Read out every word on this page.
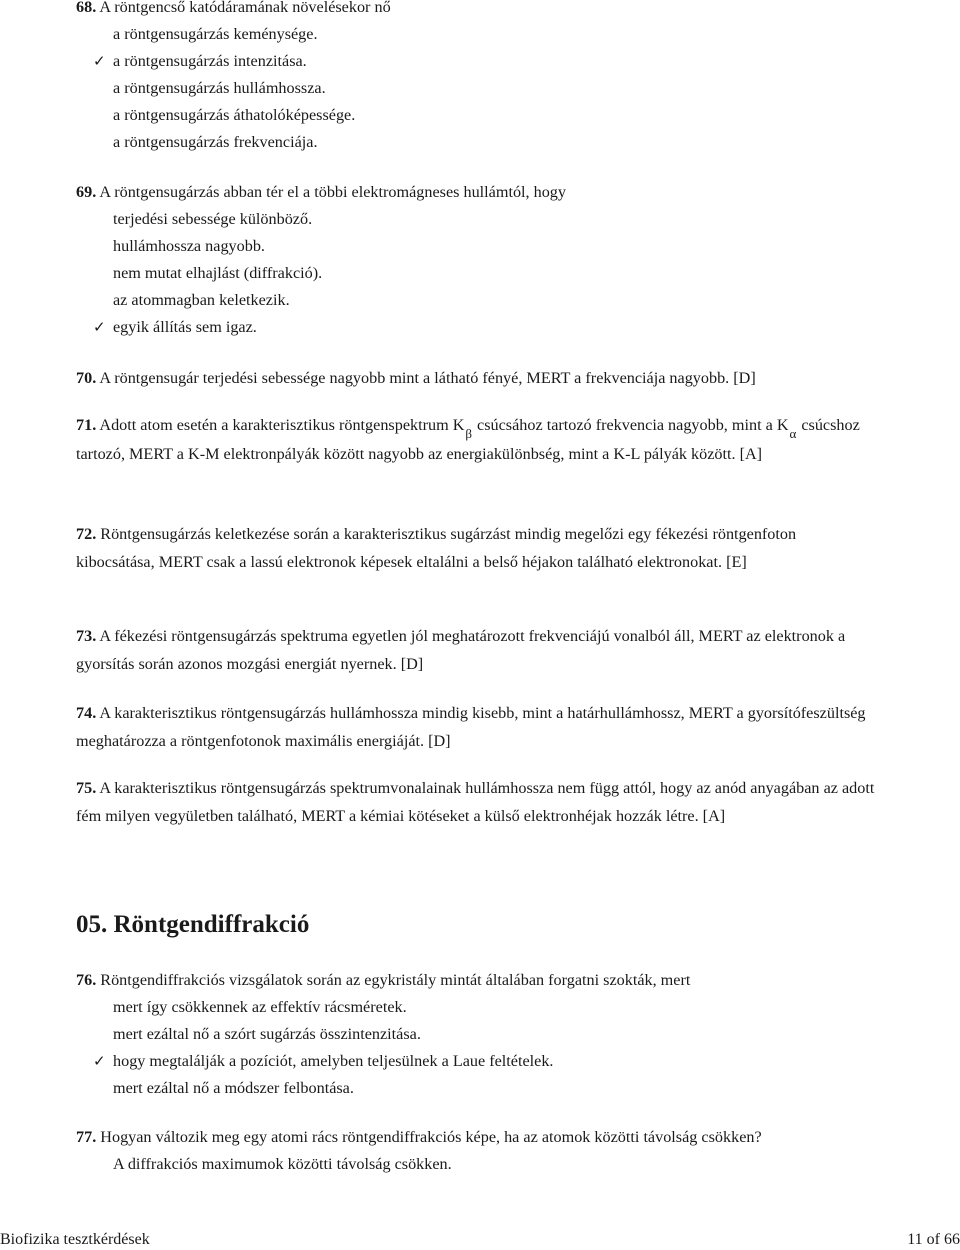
68. A röntgencső katódáramának növelésekor nő
a röntgensugárzás keménysége.
✓ a röntgensugárzás intenzitása.
a röntgensugárzás hullámhossza.
a röntgensugárzás áthatolóképessége.
a röntgensugárzás frekvenciája.
69. A röntgensugárzás abban tér el a többi elektromágneses hullámtól, hogy
terjedési sebessége különböző.
hullámhossza nagyobb.
nem mutat elhajlást (diffrakció).
az atommagban keletkezik.
✓ egyik állítás sem igaz.
70. A röntgensugár terjedési sebessége nagyobb mint a látható fényé, MERT a frekvenciája nagyobb. [D]
71. Adott atom esetén a karakterisztikus röntgenspektrum $K_\beta$ csúcsához tartozó frekvencia nagyobb, mint a $K_\alpha$ csúcshoz tartozó, MERT a K-M elektronpályák között nagyobb az energiakülönbség, mint a K-L pályák között. [A]
72. Röntgensugárzás keletkezése során a karakterisztikus sugárzást mindig megelőzi egy fékezési röntgenfoton kibocsátása, MERT csak a lassú elektronok képesek eltalálni a belső héjakon található elektronokat. [E]
73. A fékezési röntgensugárzás spektruma egyetlen jól meghatározott frekvenciájú vonalból áll, MERT az elektronok a gyorsítás során azonos mozgási energiát nyernek. [D]
74. A karakterisztikus röntgensugárzás hullámhossza mindig kisebb, mint a határhullámhossz, MERT a gyorsítófeszültség meghatározza a röntgenfotonok maximális energiáját. [D]
75. A karakterisztikus röntgensugárzás spektrumvonalainak hullámhossza nem függ attól, hogy az anód anyagában az adott fém milyen vegyületben található, MERT a kémiai kötéseket a külső elektronhéjak hozzák létre. [A]
05. Röntgendiffrakció
76. Röntgendiffrakciós vizsgálatok során az egykristály mintát általában forgatni szokták, mert
mert így csökkennek az effektív rácsméretek.
mert ezáltal nő a szórt sugárzás összintenzitása.
✓ hogy megtalálják a pozíciót, amelyben teljesülnek a Laue feltételek.
mert ezáltal nő a módszer felbontása.
77. Hogyan változik meg egy atomi rács röntgendiffrakciós képe, ha az atomok közötti távolság csökken?
A diffrakciós maximumok közötti távolság csökken.
Biofizika tesztkérdések	11 of 66
